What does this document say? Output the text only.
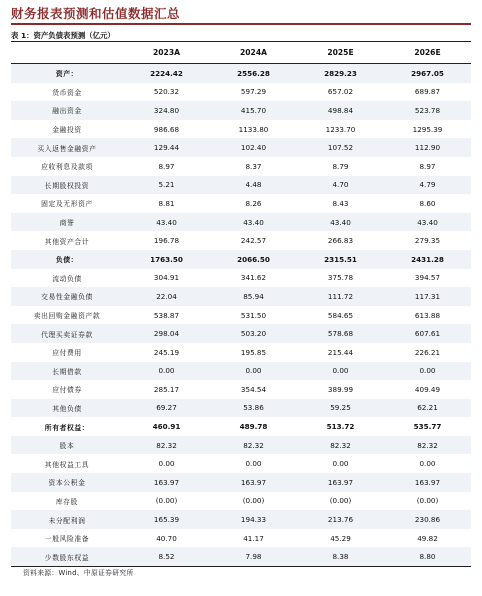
财务报表预测和估值数据汇总
表 1：资产负债表预测（亿元）
	2023A	2024A	2025E	2026E
资产：	2224.42	2556.28	2829.23	2967.05
货币资金	520.32	597.29	657.02	689.87
融出资金	324.80	415.70	498.84	523.78
金融投资	986.68	1133.80	1233.70	1295.39
买入返售金融资产	129.44	102.40	107.52	112.90
应收利息及款项	8.97	8.37	8.79	8.97
长期股权投资	5.21	4.48	4.70	4.79
固定及无形资产	8.81	8.26	8.43	8.60
商誉	43.40	43.40	43.40	43.40
其他资产合计	196.78	242.57	266.83	279.35
负债：	1763.50	2066.50	2315.51	2431.28
流动负债	304.91	341.62	375.78	394.57
交易性金融负债	22.04	85.94	111.72	117.31
卖出回购金融资产款	538.87	531.50	584.65	613.88
代理买卖证券款	298.04	503.20	578.68	607.61
应付费用	245.19	195.85	215.44	226.21
长期借款	0.00	0.00	0.00	0.00
应付债券	285.17	354.54	389.99	409.49
其他负债	69.27	53.86	59.25	62.21
所有者权益：	460.91	489.78	513.72	535.77
股本	82.32	82.32	82.32	82.32
其他权益工具	0.00	0.00	0.00	0.00
资本公积金	163.97	163.97	163.97	163.97
库存股	(0.00)	(0.00)	(0.00)	(0.00)
未分配利润	165.39	194.33	213.76	230.86
一般风险准备	40.70	41.17	45.29	49.82
少数股东权益	8.52	7.98	8.38	8.80
资料来源：Wind、中原证券研究所
